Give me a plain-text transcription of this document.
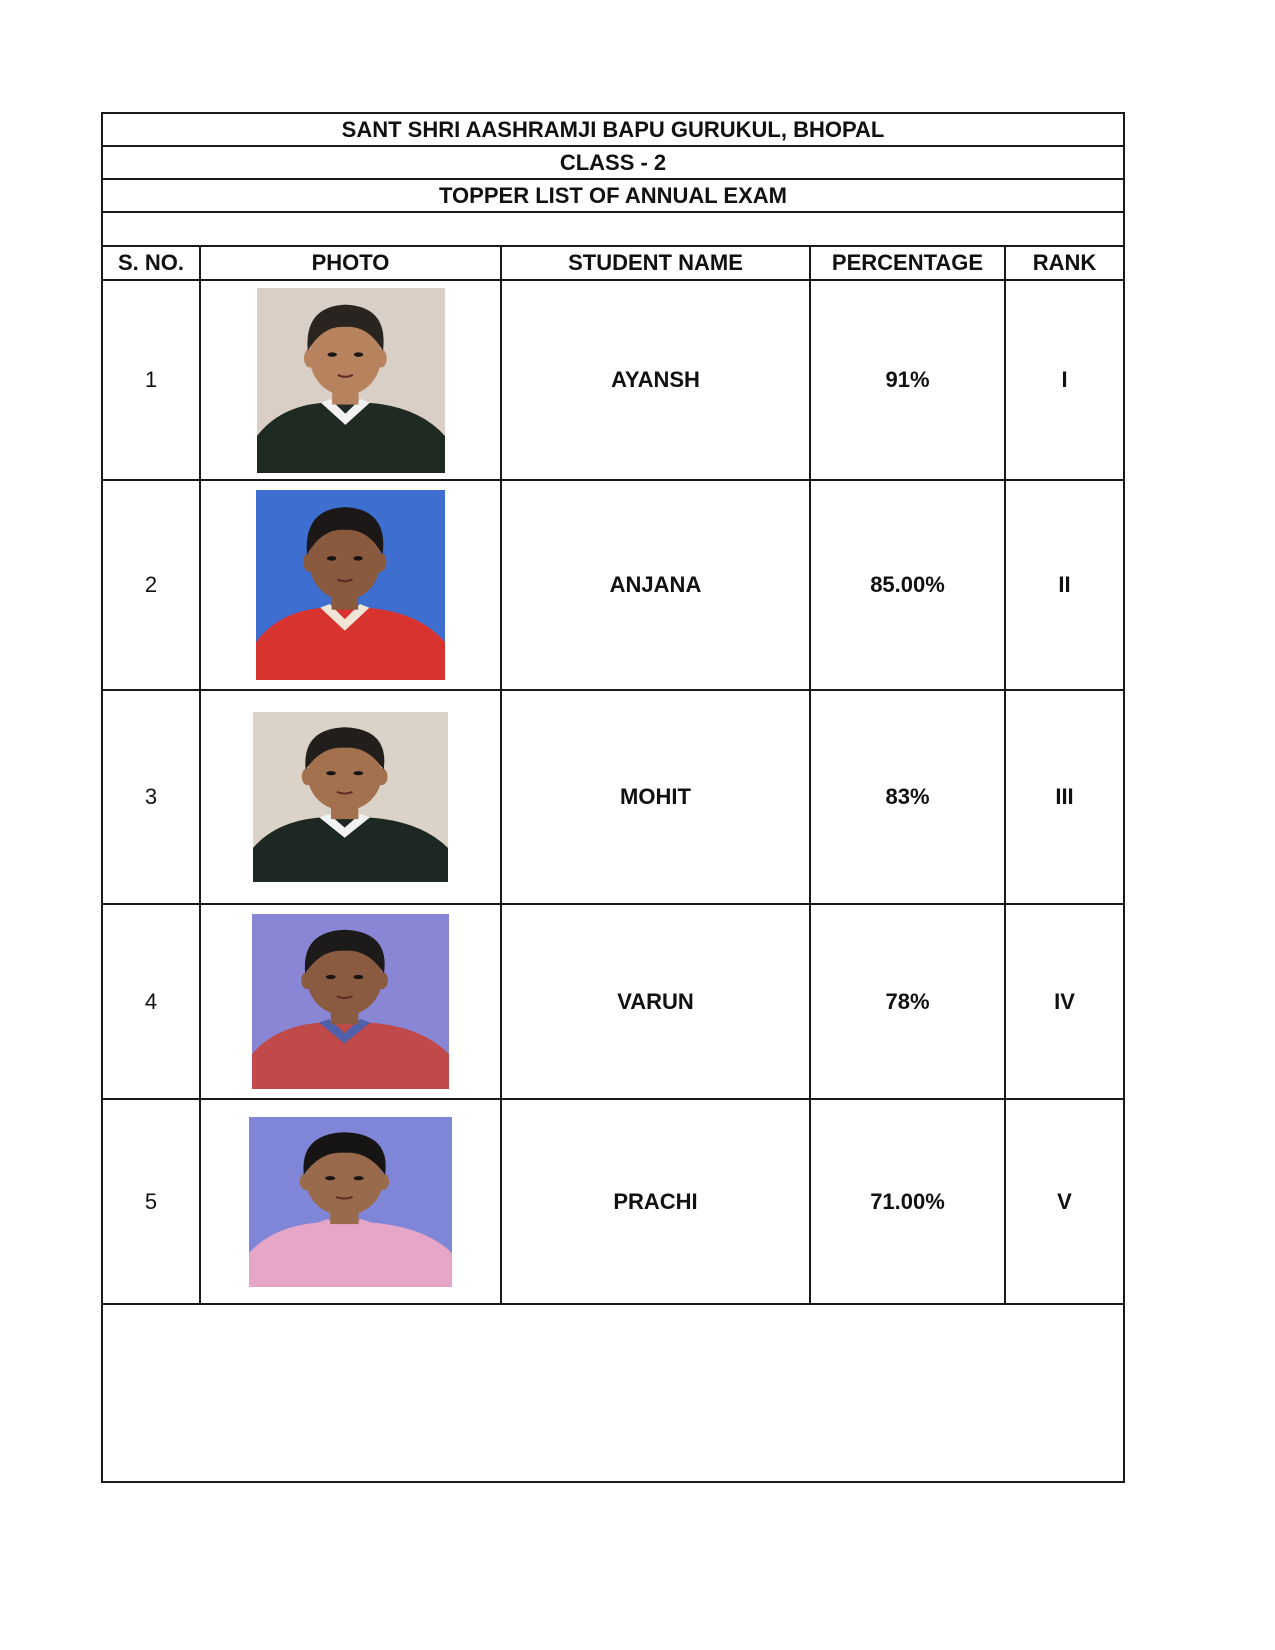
SANT SHRI AASHRAMJI BAPU GURUKUL, BHOPAL
CLASS - 2
TOPPER LIST OF ANNUAL EXAM
S. NO.	PHOTO	STUDENT NAME	PERCENTAGE	RANK
1	AYANSH	91%	I
2	ANJANA	85.00%	II
3	MOHIT	83%	III
4	VARUN	78%	IV
5	PRACHI	71.00%	V
